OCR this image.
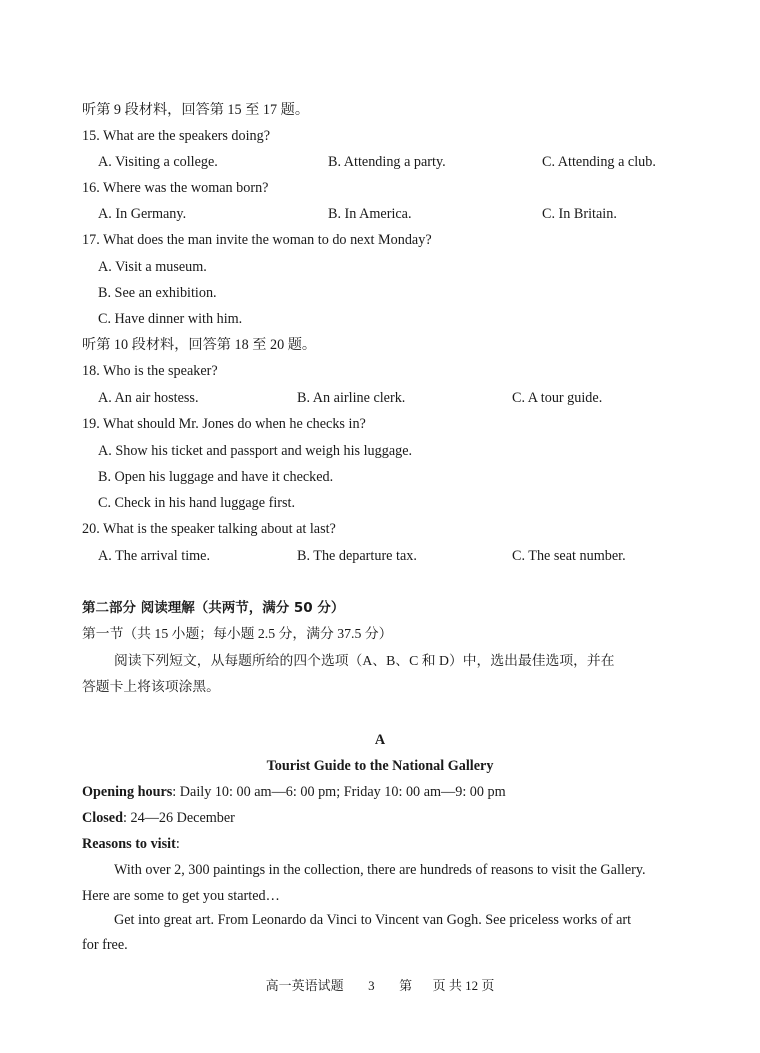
听第 9 段材料，回答第 15 至 17 题。
15. What are the speakers doing?
A. Visiting a college.	B. Attending a party.	C. Attending a club.
16. Where was the woman born?
A. In Germany.	B. In America.	C. In Britain.
17. What does the man invite the woman to do next Monday?
A. Visit a museum.
B. See an exhibition.
C. Have dinner with him.
听第 10 段材料，回答第 18 至 20 题。
18. Who is the speaker?
A. An air hostess.	B. An airline clerk.	C. A tour guide.
19. What should Mr. Jones do when he checks in?
A. Show his ticket and passport and weigh his luggage.
B. Open his luggage and have it checked.
C. Check in his hand luggage first.
20. What is the speaker talking about at last?
A. The arrival time.	B. The departure tax.	C. The seat number.
第二部分 阅读理解（共两节，满分 50 分）
第一节（共 15 小题；每小题 2.5 分，满分 37.5 分）
阅读下列短文，从每题所给的四个选项（A、B、C 和 D）中，选出最佳选项，并在
答题卡上将该项涂黑。
A
Tourist Guide to the National Gallery
Opening hours: Daily 10: 00 am—6: 00 pm; Friday 10: 00 am—9: 00 pm
Closed: 24—26 December
Reasons to visit:
With over 2, 300 paintings in the collection, there are hundreds of reasons to visit the Gallery.
Here are some to get you started…
Get into great art. From Leonardo da Vinci to Vincent van Gogh. See priceless works of art
for free.
高一英语试题 3 第 页 共 12 页
